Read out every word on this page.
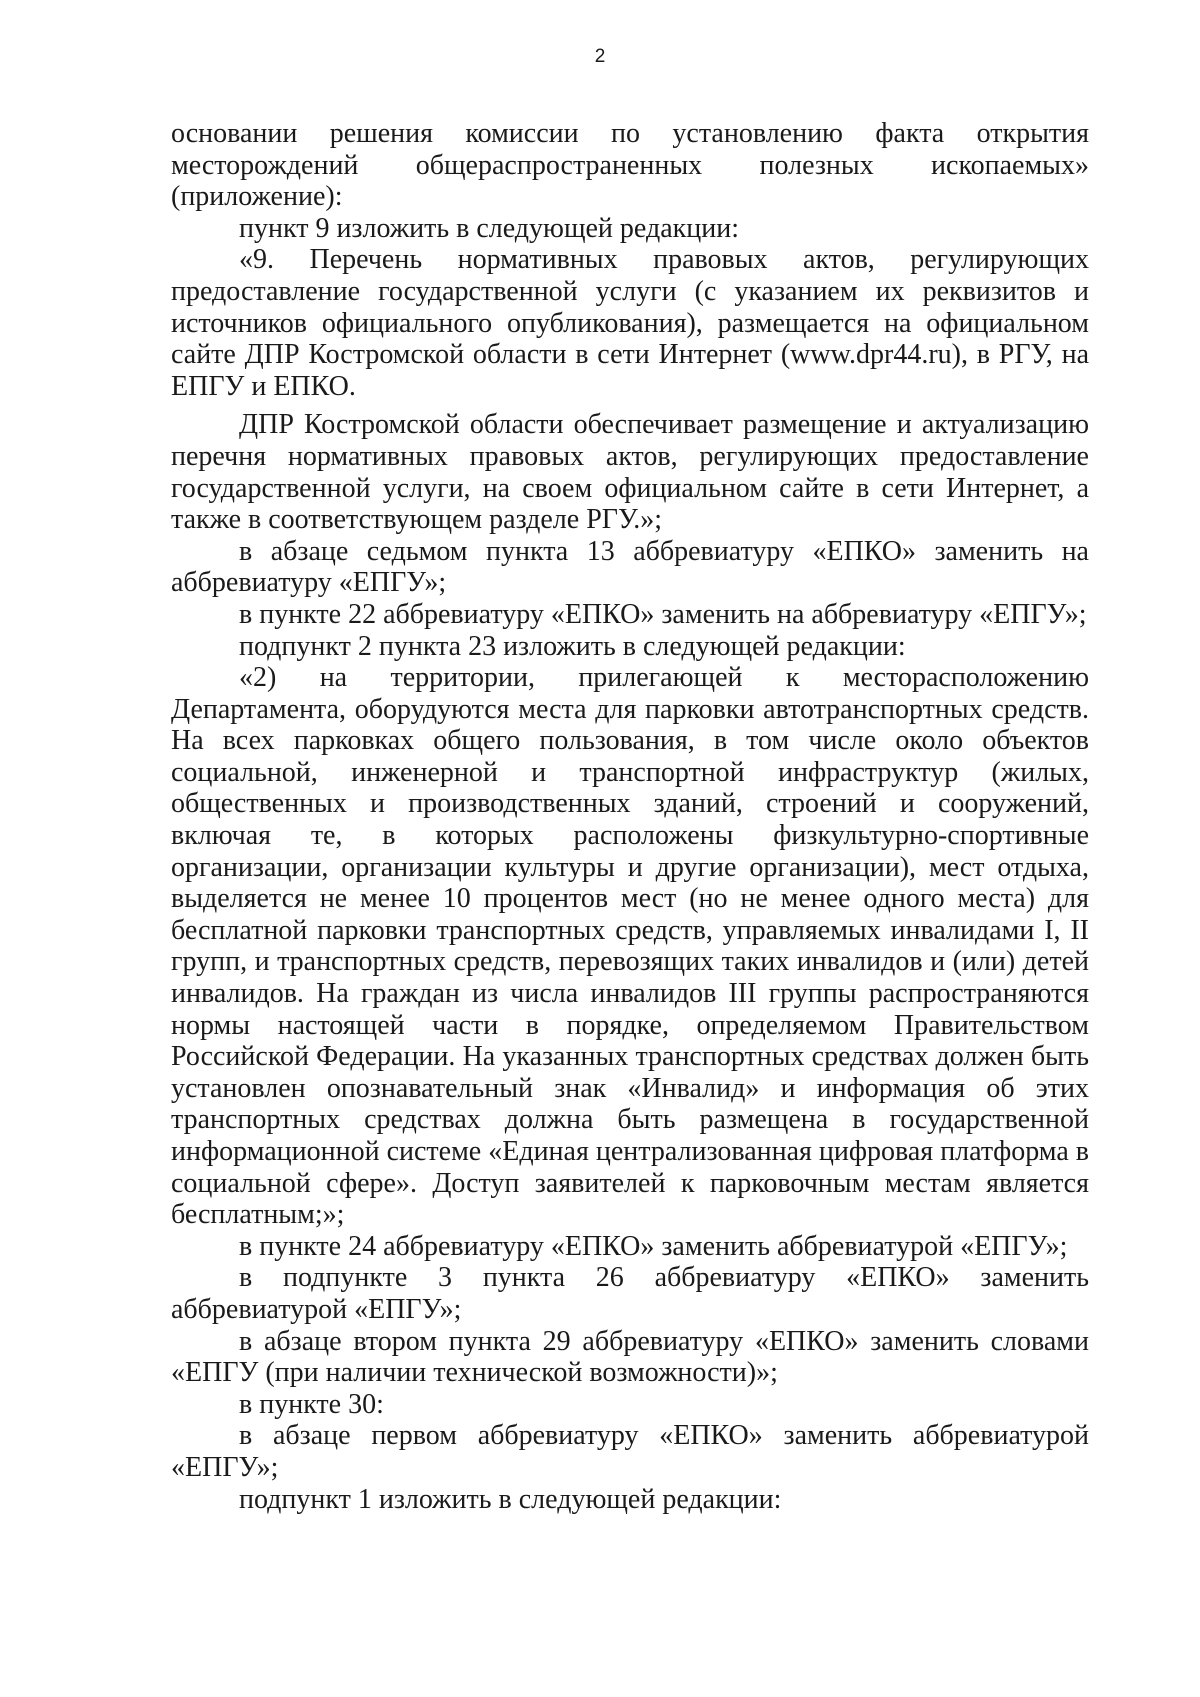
2

основании решения комиссии по установлению факта открытия месторождений общераспространенных полезных ископаемых» (приложение):

пункт 9 изложить в следующей редакции:

«9. Перечень нормативных правовых актов, регулирующих предоставление государственной услуги (с указанием их реквизитов и источников официального опубликования), размещается на официальном сайте ДПР Костромской области в сети Интернет (www.dpr44.ru), в РГУ, на ЕПГУ и ЕПКО.

ДПР Костромской области обеспечивает размещение и актуализацию перечня нормативных правовых актов, регулирующих предоставление государственной услуги, на своем официальном сайте в сети Интернет, а также в соответствующем разделе РГУ.»;

в абзаце седьмом пункта 13 аббревиатуру «ЕПКО» заменить на аббревиатуру «ЕПГУ»;

в пункте 22 аббревиатуру «ЕПКО» заменить на аббревиатуру «ЕПГУ»;

подпункт 2 пункта 23 изложить в следующей редакции:

«2) на территории, прилегающей к месторасположению Департамента, оборудуются места для парковки автотранспортных средств. На всех парковках общего пользования, в том числе около объектов социальной, инженерной и транспортной инфраструктур (жилых, общественных и производственных зданий, строений и сооружений, включая те, в которых расположены физкультурно-спортивные организации, организации культуры и другие организации), мест отдыха, выделяется не менее 10 процентов мест (но не менее одного места) для бесплатной парковки транспортных средств, управляемых инвалидами I, II групп, и транспортных средств, перевозящих таких инвалидов и (или) детей инвалидов. На граждан из числа инвалидов III группы распространяются нормы настоящей части в порядке, определяемом Правительством Российской Федерации. На указанных транспортных средствах должен быть установлен опознавательный знак «Инвалид» и информация об этих транспортных средствах должна быть размещена в государственной информационной системе «Единая централизованная цифровая платформа в социальной сфере». Доступ заявителей к парковочным местам является бесплатным;»;

в пункте 24 аббревиатуру «ЕПКО» заменить аббревиатурой «ЕПГУ»;

в подпункте 3 пункта 26 аббревиатуру «ЕПКО» заменить аббревиатурой «ЕПГУ»;

в абзаце втором пункта 29 аббревиатуру «ЕПКО» заменить словами «ЕПГУ (при наличии технической возможности)»;

в пункте 30:

в абзаце первом аббревиатуру «ЕПКО» заменить аббревиатурой «ЕПГУ»;

подпункт 1 изложить в следующей редакции:
